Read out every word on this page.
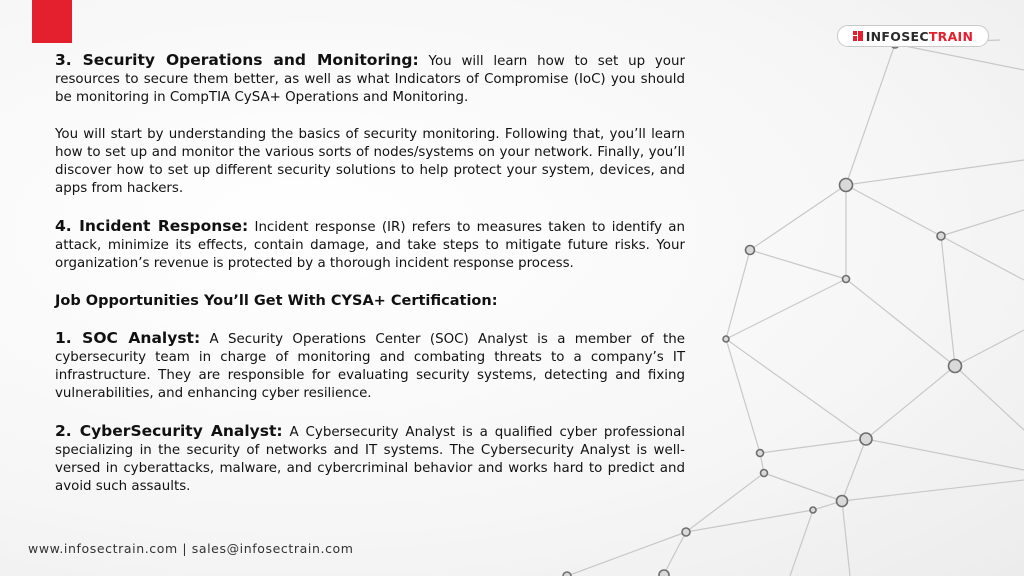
INFOSECTRAIN

3. Security Operations and Monitoring: You will learn how to set up your resources to secure them better, as well as what Indicators of Compromise (IoC) you should be monitoring in CompTIA CySA+ Operations and Monitoring.

You will start by understanding the basics of security monitoring. Following that, you’ll learn how to set up and monitor the various sorts of nodes/systems on your network. Finally, you’ll discover how to set up different security solutions to help protect your system, devices, and apps from hackers.

4. Incident Response: Incident response (IR) refers to measures taken to identify an attack, minimize its effects, contain damage, and take steps to mitigate future risks. Your organization’s revenue is protected by a thorough incident response process.

Job Opportunities You’ll Get With CYSA+ Certification:

1. SOC Analyst: A Security Operations Center (SOC) Analyst is a member of the cybersecurity team in charge of monitoring and combating threats to a company’s IT infrastructure. They are responsible for evaluating security systems, detecting and fixing vulnerabilities, and enhancing cyber resilience.

2. CyberSecurity Analyst: A Cybersecurity Analyst is a qualified cyber professional specializing in the security of networks and IT systems. The Cybersecurity Analyst is well-versed in cyberattacks, malware, and cybercriminal behavior and works hard to predict and avoid such assaults.

www.infosectrain.com | sales@infosectrain.com
